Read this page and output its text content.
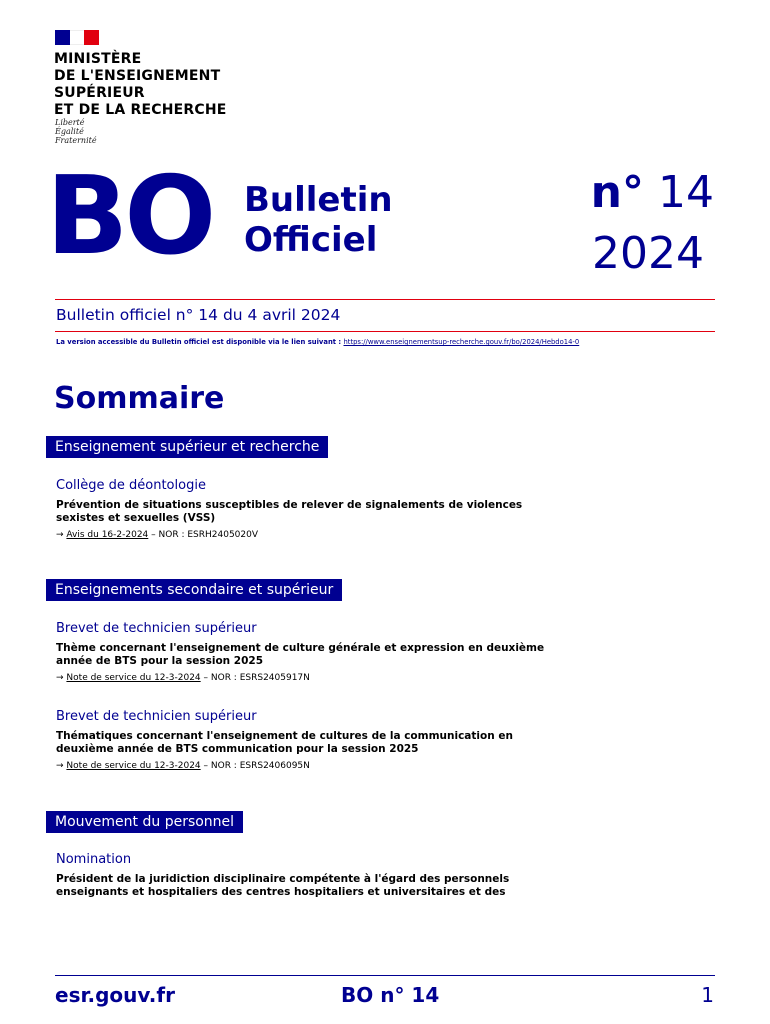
MINISTÈRE
DE L'ENSEIGNEMENT
SUPÉRIEUR
ET DE LA RECHERCHE
Liberté
Égalité
Fraternité
BO Bulletin
Officiel
n° 14
2024
Bulletin officiel n° 14 du 4 avril 2024
La version accessible du Bulletin officiel est disponible via le lien suivant : https://www.enseignementsup-recherche.gouv.fr/bo/2024/Hebdo14-0
Sommaire
Enseignement supérieur et recherche
Collège de déontologie
Prévention de situations susceptibles de relever de signalements de violences sexistes et sexuelles (VSS)
→ Avis du 16-2-2024 – NOR : ESRH2405020V
Enseignements secondaire et supérieur
Brevet de technicien supérieur
Thème concernant l'enseignement de culture générale et expression en deuxième année de BTS pour la session 2025
→ Note de service du 12-3-2024 – NOR : ESRS2405917N
Brevet de technicien supérieur
Thématiques concernant l'enseignement de cultures de la communication en deuxième année de BTS communication pour la session 2025
→ Note de service du 12-3-2024 – NOR : ESRS2406095N
Mouvement du personnel
Nomination
Président de la juridiction disciplinaire compétente à l'égard des personnels enseignants et hospitaliers des centres hospitaliers et universitaires et des
esr.gouv.fr	BO n° 14	1
